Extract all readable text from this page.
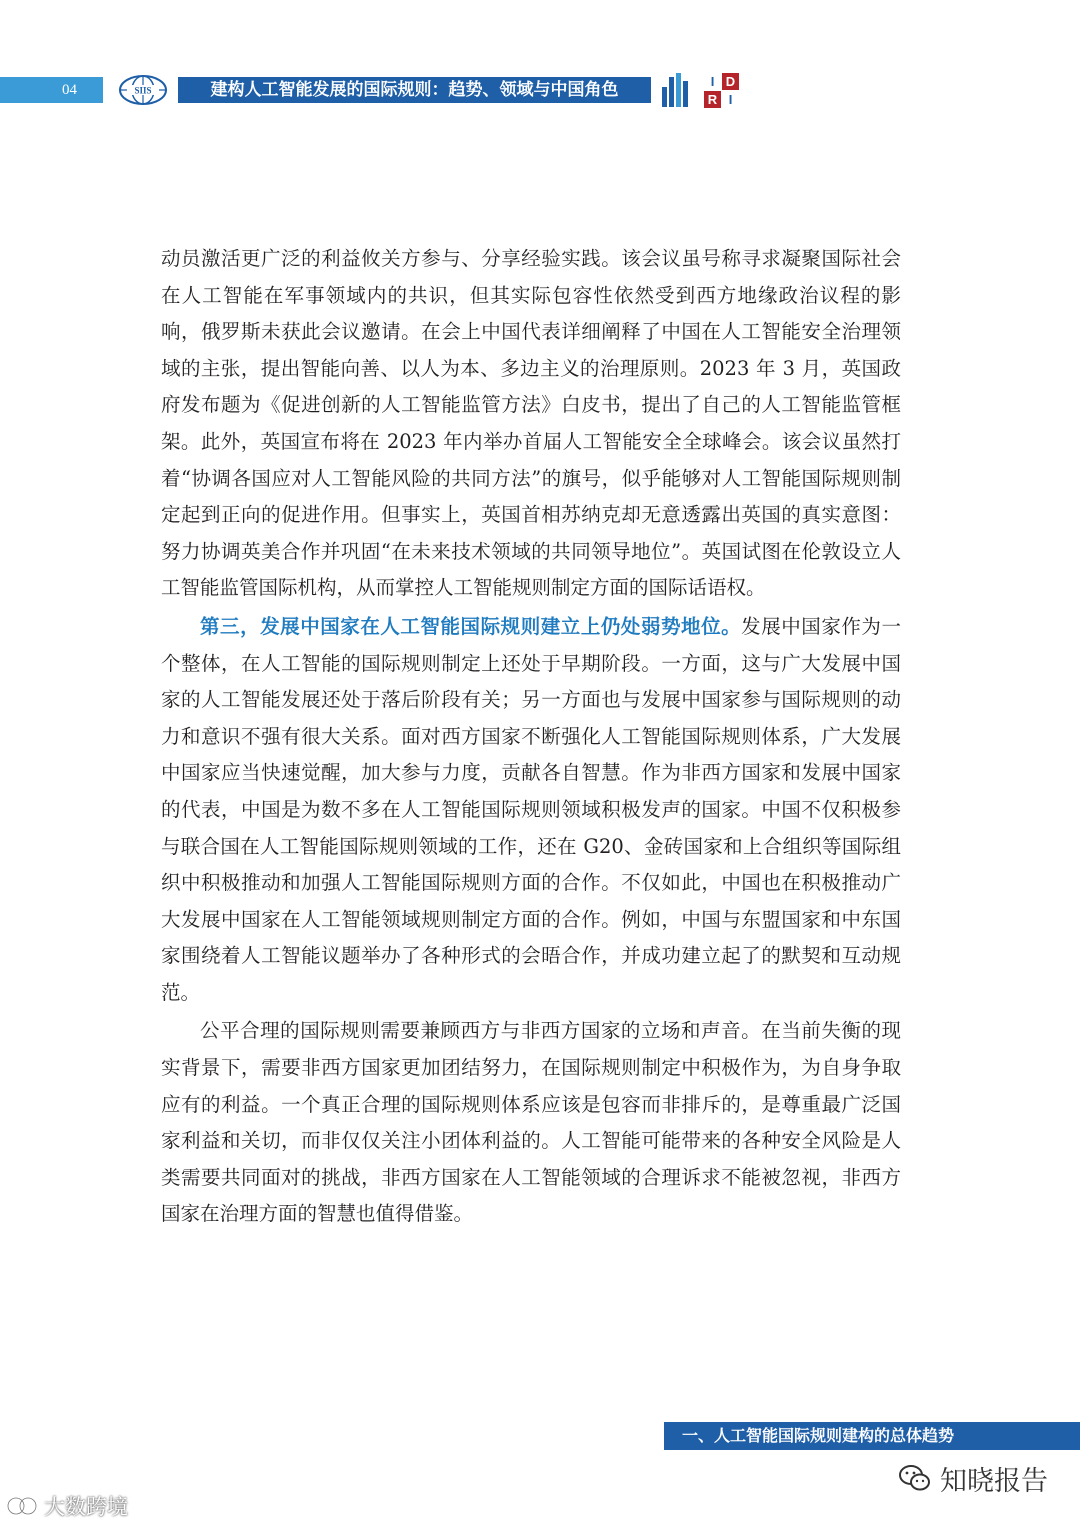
04	SIIS	建构人工智能发展的国际规则：趋势、领域与中国角色	I D
R I

动员激活更广泛的利益攸关方参与、分享经验实践。该会议虽号称寻求凝聚国际社会在人工智能在军事领域内的共识，但其实际包容性依然受到西方地缘政治议程的影响，俄罗斯未获此会议邀请。在会上中国代表详细阐释了中国在人工智能安全治理领域的主张，提出智能向善、以人为本、多边主义的治理原则。2023 年 3 月，英国政府发布题为《促进创新的人工智能监管方法》白皮书，提出了自己的人工智能监管框架。此外，英国宣布将在 2023 年内举办首届人工智能安全全球峰会。该会议虽然打着“协调各国应对人工智能风险的共同方法”的旗号，似乎能够对人工智能国际规则制定起到正向的促进作用。但事实上，英国首相苏纳克却无意透露出英国的真实意图：努力协调英美合作并巩固“在未来技术领域的共同领导地位”。英国试图在伦敦设立人工智能监管国际机构，从而掌控人工智能规则制定方面的国际话语权。

第三，发展中国家在人工智能国际规则建立上仍处弱势地位。发展中国家作为一个整体，在人工智能的国际规则制定上还处于早期阶段。一方面，这与广大发展中国家的人工智能发展还处于落后阶段有关；另一方面也与发展中国家参与国际规则的动力和意识不强有很大关系。面对西方国家不断强化人工智能国际规则体系，广大发展中国家应当快速觉醒，加大参与力度，贡献各自智慧。作为非西方国家和发展中国家的代表，中国是为数不多在人工智能国际规则领域积极发声的国家。中国不仅积极参与联合国在人工智能国际规则领域的工作，还在 G20、金砖国家和上合组织等国际组织中积极推动和加强人工智能国际规则方面的合作。不仅如此，中国也在积极推动广大发展中国家在人工智能领域规则制定方面的合作。例如，中国与东盟国家和中东国家围绕着人工智能议题举办了各种形式的会晤合作，并成功建立起了的默契和互动规范。

公平合理的国际规则需要兼顾西方与非西方国家的立场和声音。在当前失衡的现实背景下，需要非西方国家更加团结努力，在国际规则制定中积极作为，为自身争取应有的利益。一个真正合理的国际规则体系应该是包容而非排斥的，是尊重最广泛国家利益和关切，而非仅仅关注小团体利益的。人工智能可能带来的各种安全风险是人类需要共同面对的挑战，非西方国家在人工智能领域的合理诉求不能被忽视，非西方国家在治理方面的智慧也值得借鉴。

一、人工智能国际规则建构的总体趋势
大数跨境
知晓报告
